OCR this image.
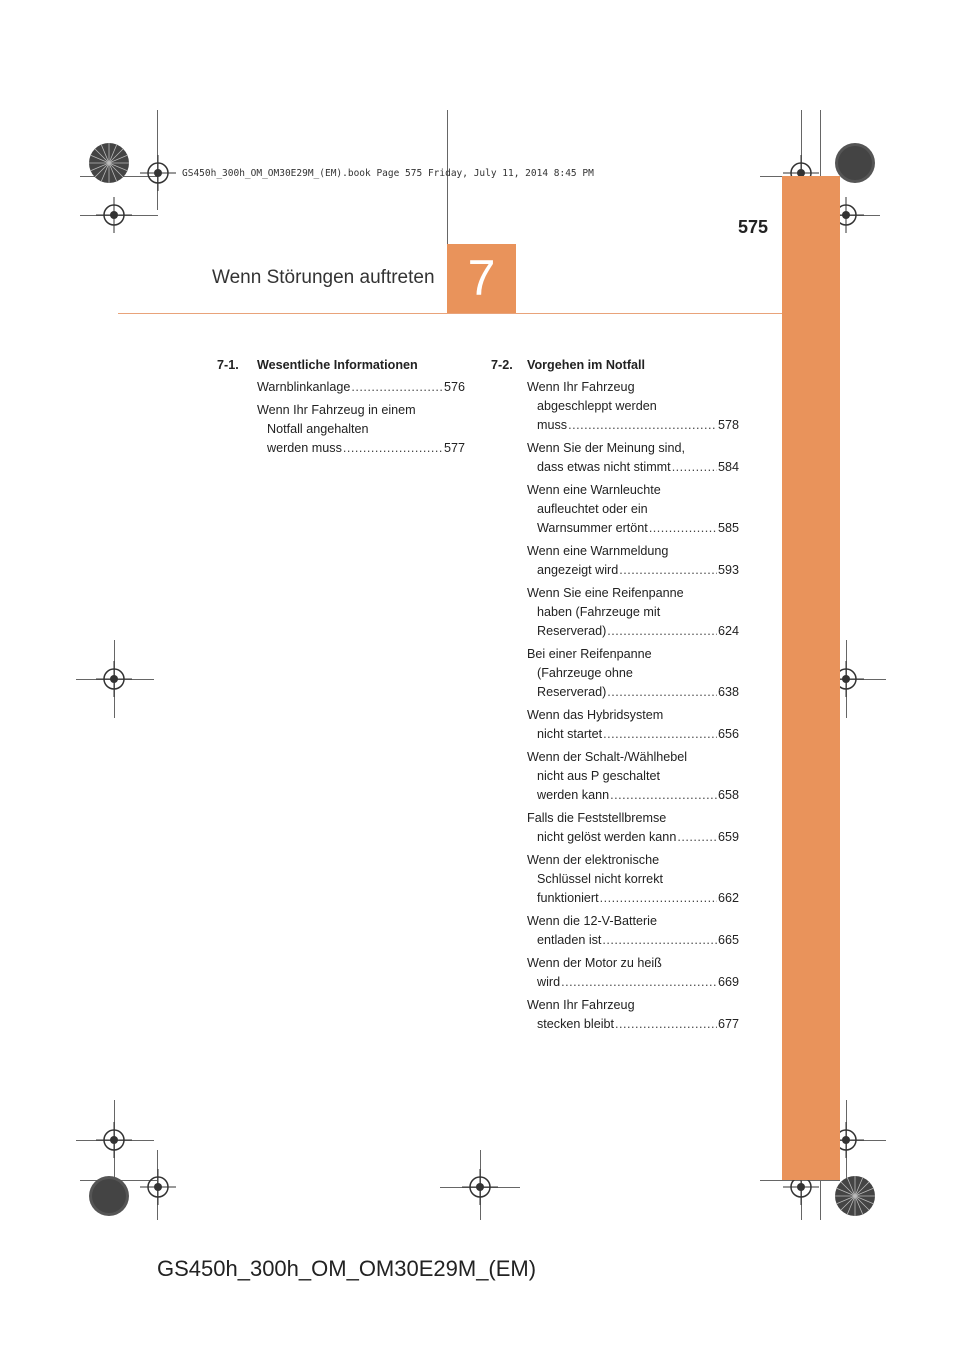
GS450h_300h_OM_OM30E29M_(EM).book Page 575 Friday, July 11, 2014 8:45 PM
575
Wenn Störungen auftreten 7
7-1. Wesentliche Informationen
Warnblinkanlage .....	576
Wenn Ihr Fahrzeug in einem
Notfall angehalten
werden muss .....	577
7-2. Vorgehen im Notfall
Wenn Ihr Fahrzeug
abgeschleppt werden
muss .....	578
Wenn Sie der Meinung sind,
dass etwas nicht stimmt .....	584
Wenn eine Warnleuchte
aufleuchtet oder ein
Warnsummer ertönt .....	585
Wenn eine Warnmeldung
angezeigt wird .....	593
Wenn Sie eine Reifenpanne
haben (Fahrzeuge mit
Reserverad) .....	624
Bei einer Reifenpanne
(Fahrzeuge ohne
Reserverad) .....	638
Wenn das Hybridsystem
nicht startet .....	656
Wenn der Schalt-/Wählhebel
nicht aus P geschaltet
werden kann .....	658
Falls die Feststellbremse
nicht gelöst werden kann .....	659
Wenn der elektronische
Schlüssel nicht korrekt
funktioniert .....	662
Wenn die 12-V-Batterie
entladen ist .....	665
Wenn der Motor zu heiß
wird .....	669
Wenn Ihr Fahrzeug
stecken bleibt .....	677
GS450h_300h_OM_OM30E29M_(EM)
